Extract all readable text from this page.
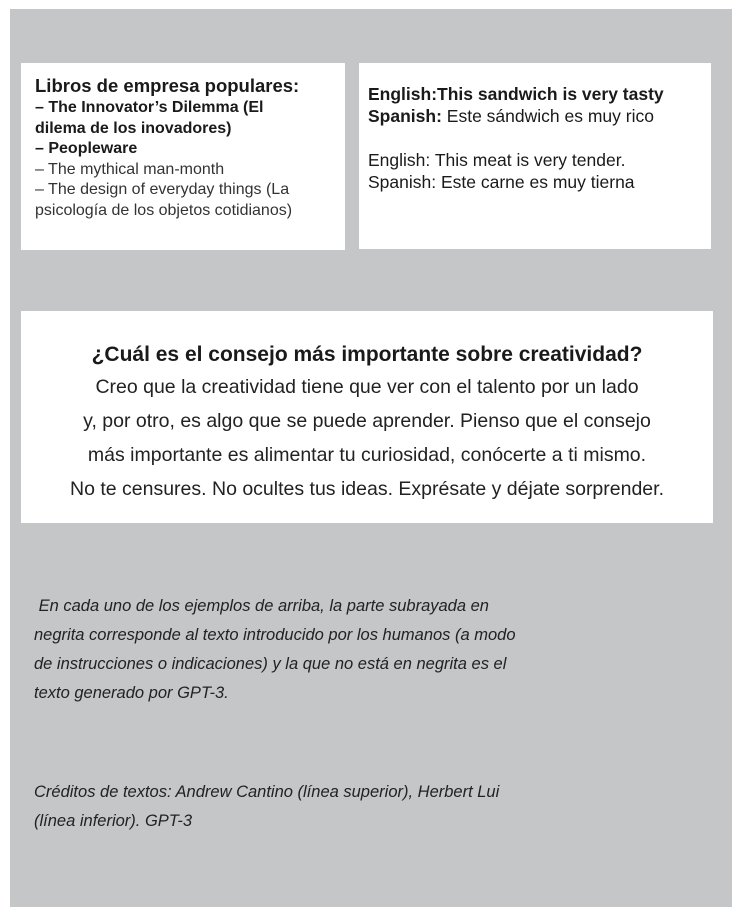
Libros de empresa populares:
– The Innovator’s Dilemma (El
dilema de los inovadores)
– Peopleware
– The mythical man-month
– The design of everyday things (La
psicología de los objetos cotidianos)
English:This sandwich is very tasty
Spanish: Este sándwich es muy rico
English: This meat is very tender.
Spanish: Este carne es muy tierna
¿Cuál es el consejo más importante sobre creatividad?
Creo que la creatividad tiene que ver con el talento por un lado
y, por otro, es algo que se puede aprender. Pienso que el consejo
más importante es alimentar tu curiosidad, conócerte a ti mismo.
No te censures. No ocultes tus ideas. Exprésate y déjate sorprender.
En cada uno de los ejemplos de arriba, la parte subrayada en
negrita corresponde al texto introducido por los humanos (a modo
de instrucciones o indicaciones) y la que no está en negrita es el
texto generado por GPT-3.
Créditos de textos: Andrew Cantino (línea superior), Herbert Lui
(línea inferior). GPT-3
